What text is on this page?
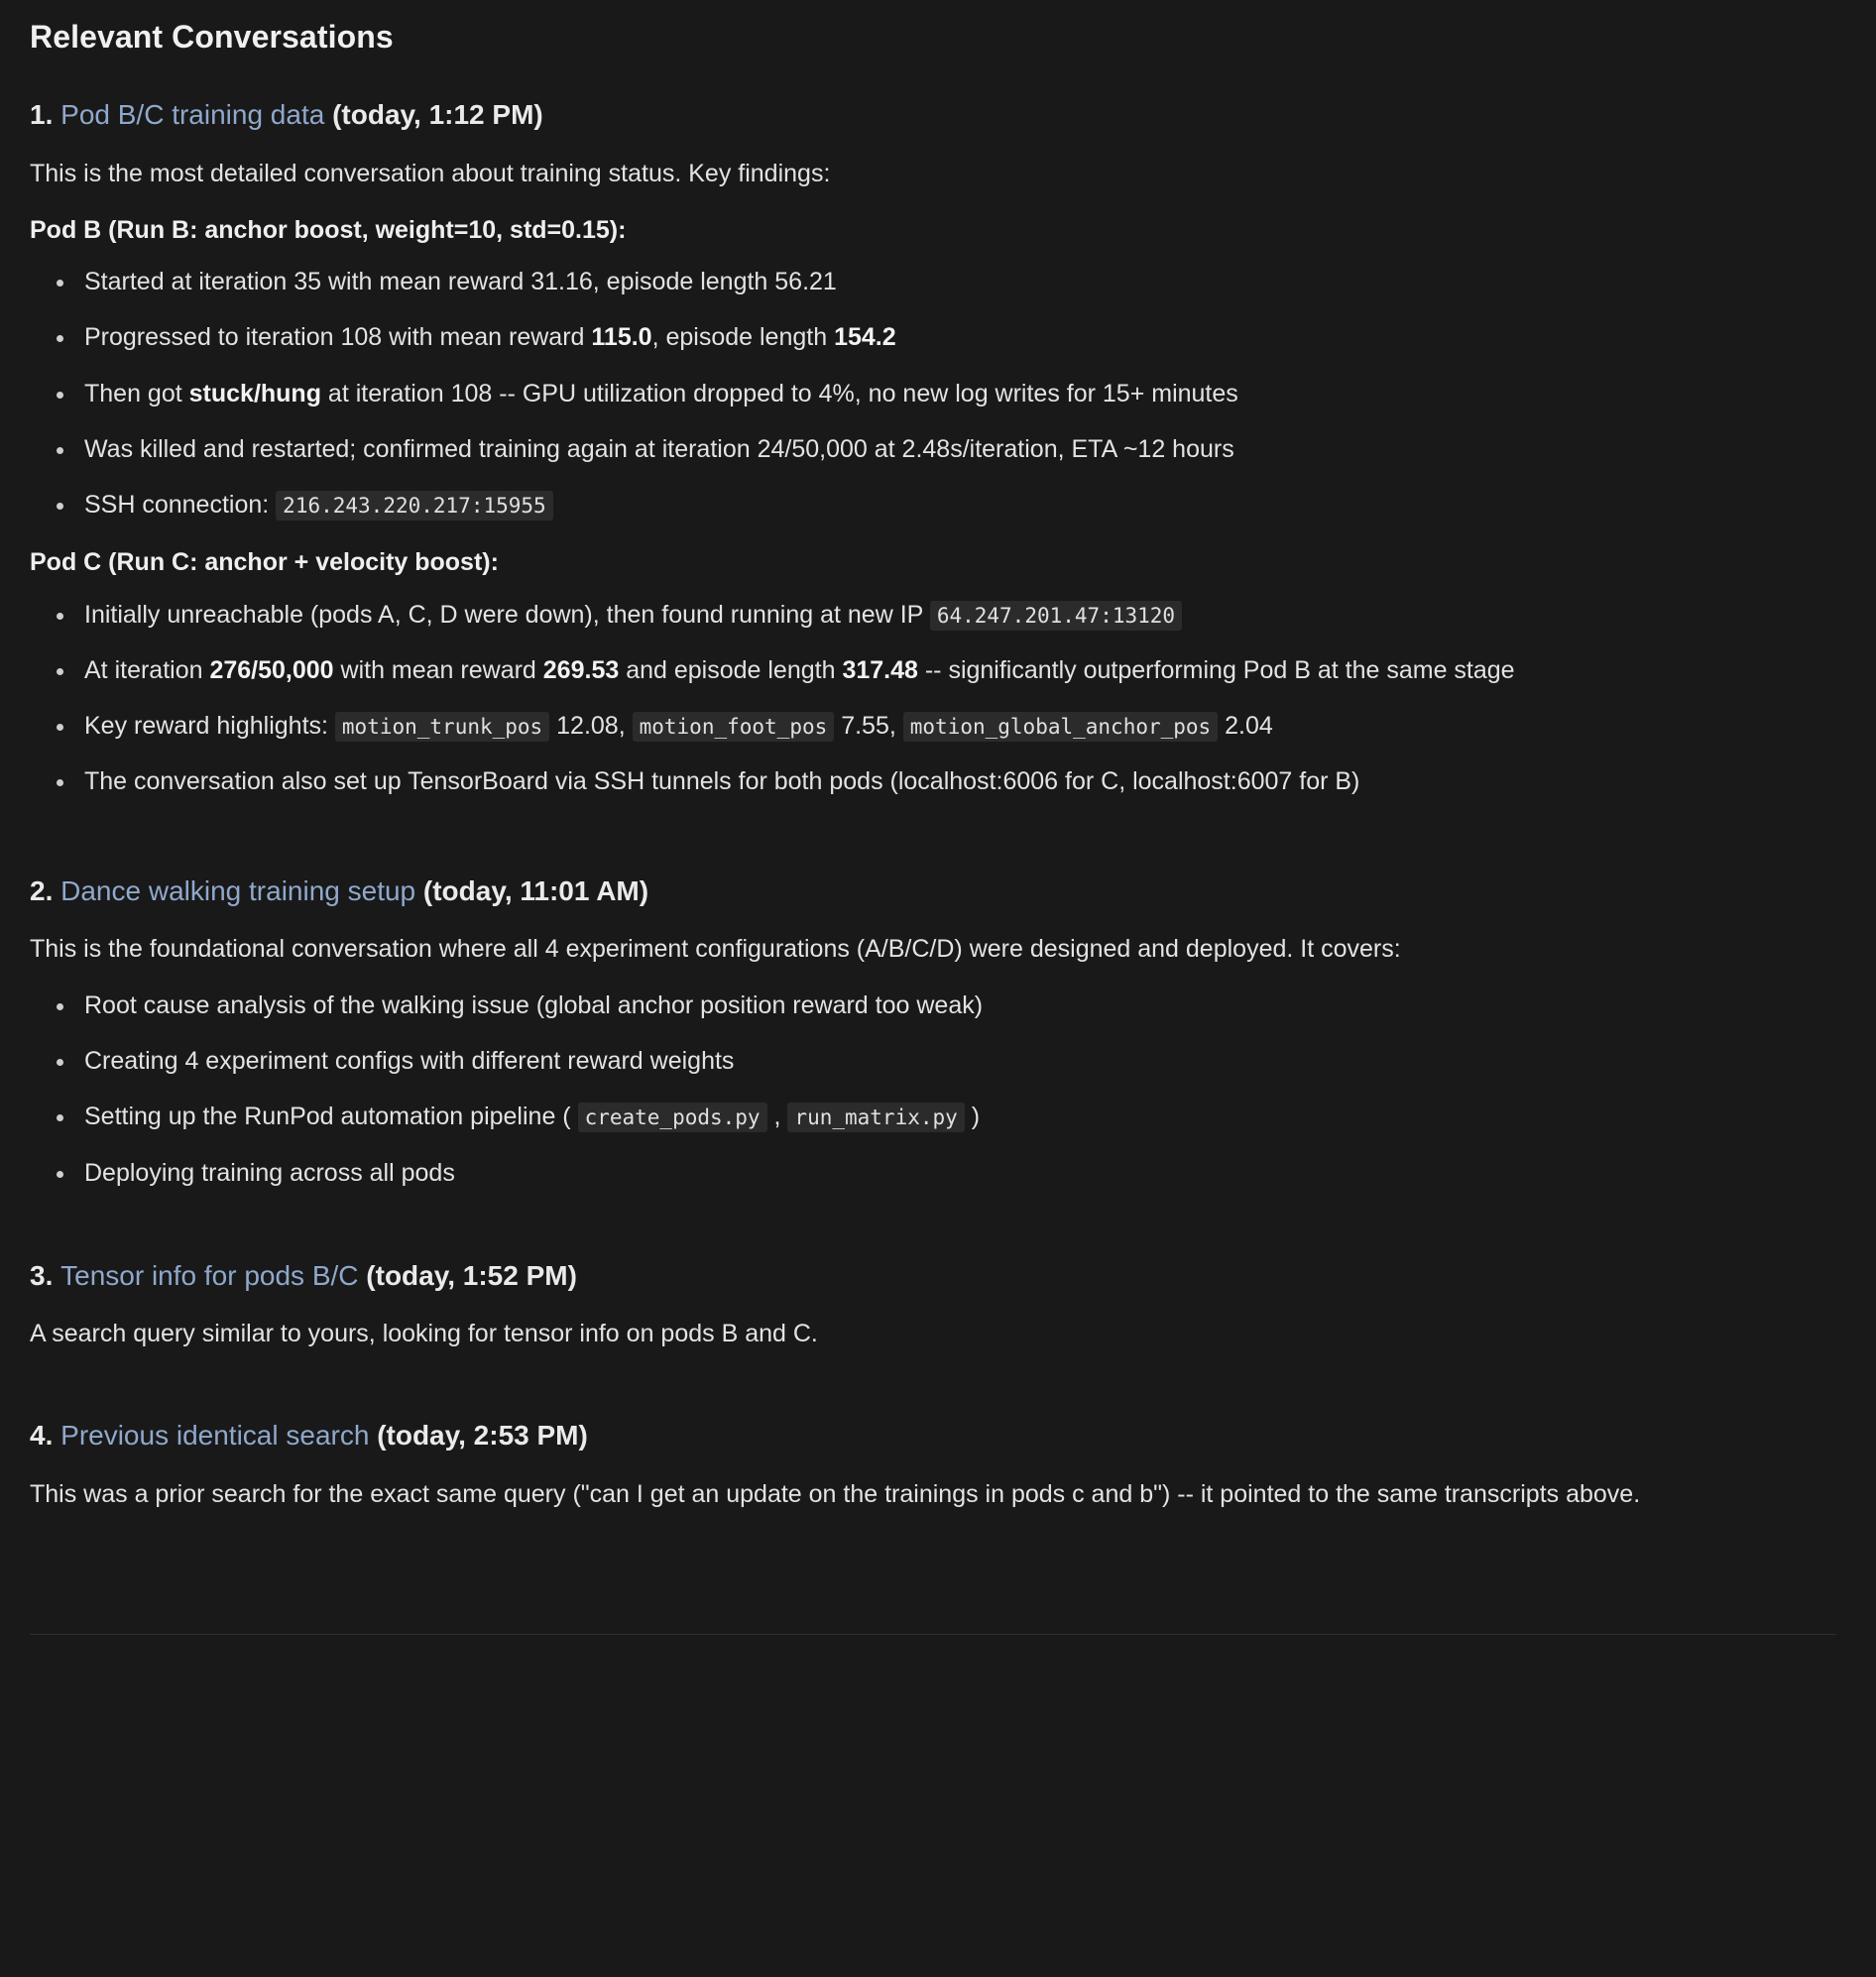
Relevant Conversations
1. Pod B/C training data (today, 1:12 PM)

This is the most detailed conversation about training status. Key findings:

Pod B (Run B: anchor boost, weight=10, std=0.15):

Started at iteration 35 with mean reward 31.16, episode length 56.21
Progressed to iteration 108 with mean reward 115.0, episode length 154.2
Then got stuck/hung at iteration 108 -- GPU utilization dropped to 4%, no new log writes for 15+ minutes
Was killed and restarted; confirmed training again at iteration 24/50,000 at 2.48s/iteration, ETA ~12 hours
SSH connection: 216.243.220.217:15955

Pod C (Run C: anchor + velocity boost):

Initially unreachable (pods A, C, D were down), then found running at new IP 64.247.201.47:13120
At iteration 276/50,000 with mean reward 269.53 and episode length 317.48 -- significantly outperforming Pod B at the same stage
Key reward highlights: motion_trunk_pos 12.08, motion_foot_pos 7.55, motion_global_anchor_pos 2.04
The conversation also set up TensorBoard via SSH tunnels for both pods (localhost:6006 for C, localhost:6007 for B)
2. Dance walking training setup (today, 11:01 AM)

This is the foundational conversation where all 4 experiment configurations (A/B/C/D) were designed and deployed. It covers:

Root cause analysis of the walking issue (global anchor position reward too weak)
Creating 4 experiment configs with different reward weights
Setting up the RunPod automation pipeline ( create_pods.py , run_matrix.py )
Deploying training across all pods
3. Tensor info for pods B/C (today, 1:52 PM)

A search query similar to yours, looking for tensor info on pods B and C.

4. Previous identical search (today, 2:53 PM)

This was a prior search for the exact same query ("can I get an update on the trainings in pods c and b") -- it pointed to the same transcripts above.
